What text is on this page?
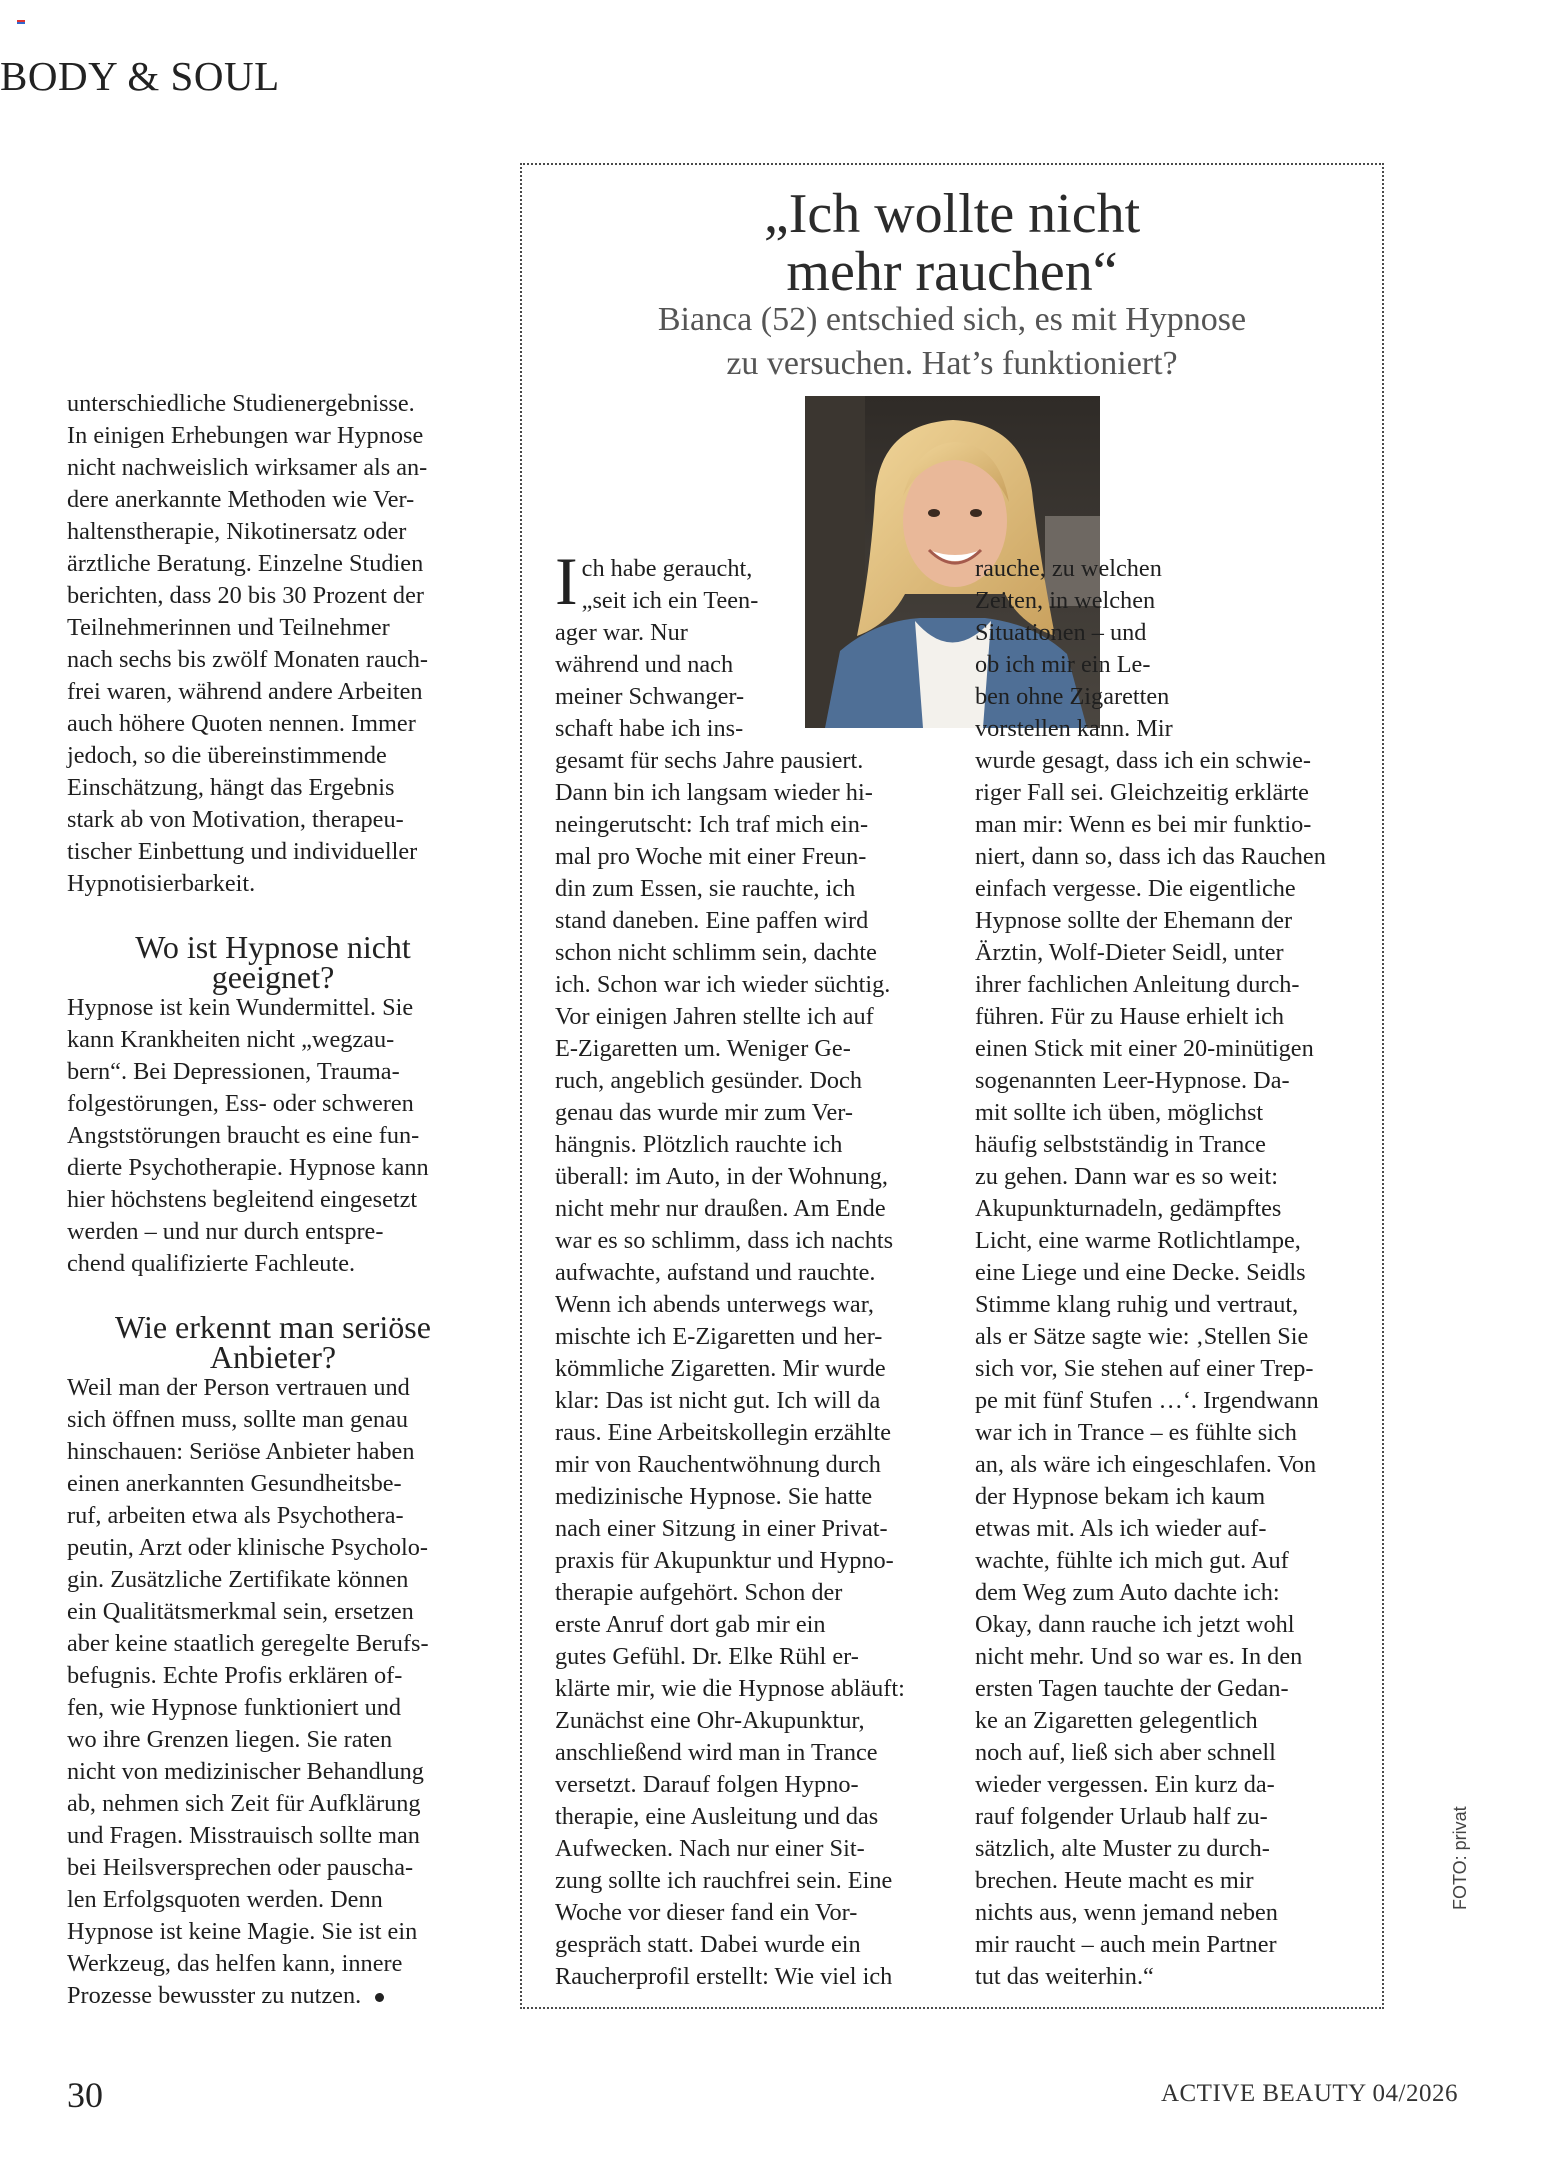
BODY & SOUL

unterschiedliche Studienergebnisse.
In einigen Erhebungen war Hypnose
nicht nachweislich wirksamer als an-
dere anerkannte Methoden wie Ver-
haltenstherapie, Nikotinersatz oder
ärztliche Beratung. Einzelne Studien
berichten, dass 20 bis 30 Prozent der
Teilnehmerinnen und Teilnehmer
nach sechs bis zwölf Monaten rauch-
frei waren, während andere Arbeiten
auch höhere Quoten nennen. Immer
jedoch, so die übereinstimmende
Einschätzung, hängt das Ergebnis
stark ab von Motivation, therapeu-
tischer Einbettung und individueller
Hypnotisierbarkeit.

Wo ist Hypnose nicht
geeignet?

Hypnose ist kein Wundermittel. Sie
kann Krankheiten nicht „wegzau-
bern“. Bei Depressionen, Trauma-
folgestörungen, Ess- oder schweren
Angststörungen braucht es eine fun-
dierte Psychotherapie. Hypnose kann
hier höchstens begleitend eingesetzt
werden – und nur durch entspre-
chend qualifizierte Fachleute.

Wie erkennt man seriöse
Anbieter?

Weil man der Person vertrauen und
sich öffnen muss, sollte man genau
hinschauen: Seriöse Anbieter haben
einen anerkannten Gesundheitsbe-
ruf, arbeiten etwa als Psychothera-
peutin, Arzt oder klinische Psycholo-
gin. Zusätzliche Zertifikate können
ein Qualitätsmerkmal sein, ersetzen
aber keine staatlich geregelte Berufs-
befugnis. Echte Profis erklären of-
fen, wie Hypnose funktioniert und
wo ihre Grenzen liegen. Sie raten
nicht von medizinischer Behandlung
ab, nehmen sich Zeit für Aufklärung
und Fragen. Misstrauisch sollte man
bei Heilsversprechen oder pauscha-
len Erfolgsquoten werden. Denn
Hypnose ist keine Magie. Sie ist ein
Werkzeug, das helfen kann, innere
Prozesse bewusster zu nutzen.

„Ich wollte nicht
mehr rauchen“
Bianca (52) entschied sich, es mit Hypnose
zu versuchen. Hat’s funktioniert?
I ch habe geraucht,
„seit ich ein Teen-
ager war. Nur
während und nach
meiner Schwanger-
schaft habe ich ins-

gesamt für sechs Jahre pausiert.
Dann bin ich langsam wieder hi-
neingerutscht: Ich traf mich ein-
mal pro Woche mit einer Freun-
din zum Essen, sie rauchte, ich
stand daneben. Eine paffen wird
schon nicht schlimm sein, dachte
ich. Schon war ich wieder süchtig.
Vor einigen Jahren stellte ich auf
E-Zigaretten um. Weniger Ge-
ruch, angeblich gesünder. Doch
genau das wurde mir zum Ver-
hängnis. Plötzlich rauchte ich
überall: im Auto, in der Wohnung,
nicht mehr nur draußen. Am Ende
war es so schlimm, dass ich nachts
aufwachte, aufstand und rauchte.
Wenn ich abends unterwegs war,
mischte ich E-Zigaretten und her-
kömmliche Zigaretten. Mir wurde
klar: Das ist nicht gut. Ich will da
raus. Eine Arbeitskollegin erzählte
mir von Rauchentwöhnung durch
medizinische Hypnose. Sie hatte
nach einer Sitzung in einer Privat-
praxis für Akupunktur und Hypno-
therapie aufgehört. Schon der
erste Anruf dort gab mir ein
gutes Gefühl. Dr. Elke Rühl er-
klärte mir, wie die Hypnose abläuft:
Zunächst eine Ohr-Akupunktur,
anschließend wird man in Trance
versetzt. Darauf folgen Hypno-
therapie, eine Ausleitung und das
Aufwecken. Nach nur einer Sit-
zung sollte ich rauchfrei sein. Eine
Woche vor dieser fand ein Vor-
gespräch statt. Dabei wurde ein
Raucherprofil erstellt: Wie viel ich

rauche, zu welchen
Zeiten, in welchen
Situationen – und
ob ich mir ein Le-
ben ohne Zigaretten
vorstellen kann. Mir

wurde gesagt, dass ich ein schwie-
riger Fall sei. Gleichzeitig erklärte
man mir: Wenn es bei mir funktio-
niert, dann so, dass ich das Rauchen
einfach vergesse. Die eigentliche
Hypnose sollte der Ehemann der
Ärztin, Wolf-Dieter Seidl, unter
ihrer fachlichen Anleitung durch-
führen. Für zu Hause erhielt ich
einen Stick mit einer 20-minütigen
sogenannten Leer-Hypnose. Da-
mit sollte ich üben, möglichst
häufig selbstständig in Trance
zu gehen. Dann war es so weit:
Akupunkturnadeln, gedämpftes
Licht, eine warme Rotlichtlampe,
eine Liege und eine Decke. Seidls
Stimme klang ruhig und vertraut,
als er Sätze sagte wie: ‚Stellen Sie
sich vor, Sie stehen auf einer Trep-
pe mit fünf Stufen …‘. Irgendwann
war ich in Trance – es fühlte sich
an, als wäre ich eingeschlafen. Von
der Hypnose bekam ich kaum
etwas mit. Als ich wieder auf-
wachte, fühlte ich mich gut. Auf
dem Weg zum Auto dachte ich:
Okay, dann rauche ich jetzt wohl
nicht mehr. Und so war es. In den
ersten Tagen tauchte der Gedan-
ke an Zigaretten gelegentlich
noch auf, ließ sich aber schnell
wieder vergessen. Ein kurz da-
rauf folgender Urlaub half zu-
sätzlich, alte Muster zu durch-
brechen. Heute macht es mir
nichts aus, wenn jemand neben
mir raucht – auch mein Partner
tut das weiterhin.“

FOTO: privat
30	ACTIVE BEAUTY 04/2026
